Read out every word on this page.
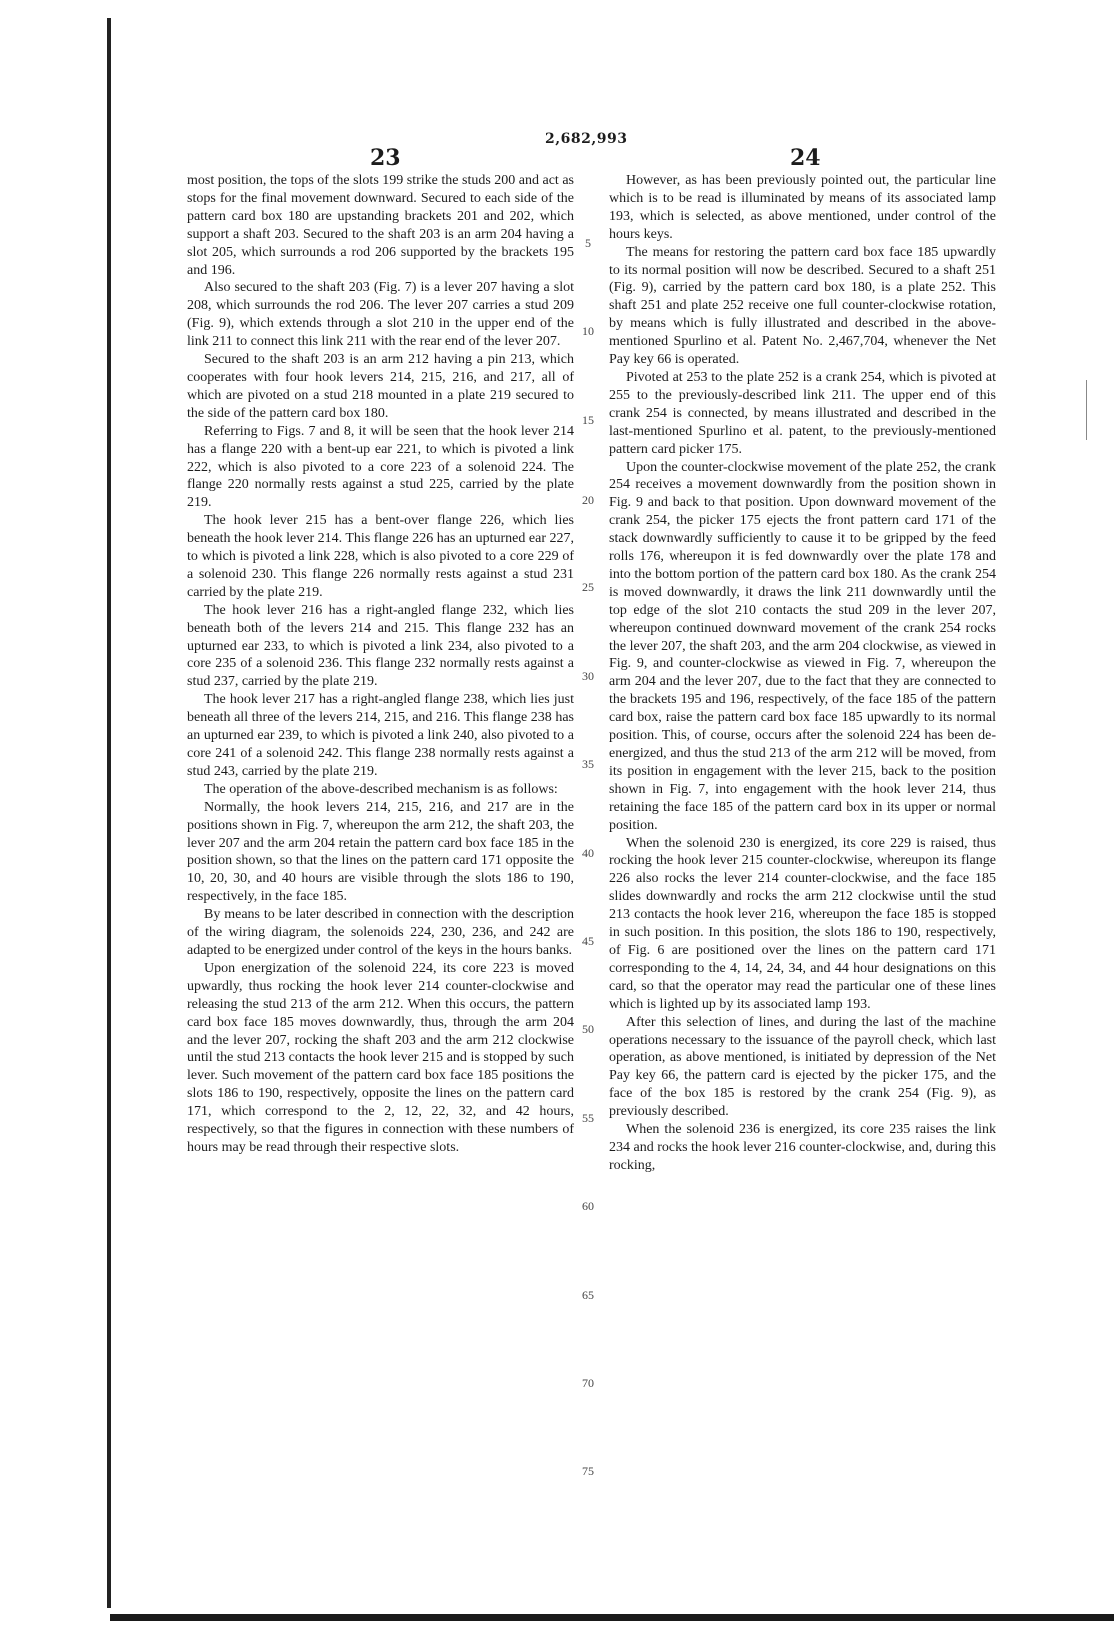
2,682,993
23	24

most position, the tops of the slots 199 strike the studs 200 and act as stops for the final movement downward. Secured to each side of the pattern card box 180 are upstanding brackets 201 and 202, which support a shaft 203. Secured to the shaft 203 is an arm 204 having a slot 205, which surrounds a rod 206 supported by the brackets 195 and 196.

Also secured to the shaft 203 (Fig. 7) is a lever 207 having a slot 208, which surrounds the rod 206. The lever 207 carries a stud 209 (Fig. 9), which extends through a slot 210 in the upper end of the link 211 to connect this link 211 with the rear end of the lever 207.

Secured to the shaft 203 is an arm 212 having a pin 213, which cooperates with four hook levers 214, 215, 216, and 217, all of which are pivoted on a stud 218 mounted in a plate 219 secured to the side of the pattern card box 180.

Referring to Figs. 7 and 8, it will be seen that the hook lever 214 has a flange 220 with a bent-up ear 221, to which is pivoted a link 222, which is also pivoted to a core 223 of a solenoid 224. The flange 220 normally rests against a stud 225, carried by the plate 219.

The hook lever 215 has a bent-over flange 226, which lies beneath the hook lever 214. This flange 226 has an upturned ear 227, to which is pivoted a link 228, which is also pivoted to a core 229 of a solenoid 230. This flange 226 normally rests against a stud 231 carried by the plate 219.

The hook lever 216 has a right-angled flange 232, which lies beneath both of the levers 214 and 215. This flange 232 has an upturned ear 233, to which is pivoted a link 234, also pivoted to a core 235 of a solenoid 236. This flange 232 normally rests against a stud 237, carried by the plate 219.

The hook lever 217 has a right-angled flange 238, which lies just beneath all three of the levers 214, 215, and 216. This flange 238 has an upturned ear 239, to which is pivoted a link 240, also pivoted to a core 241 of a solenoid 242. This flange 238 normally rests against a stud 243, carried by the plate 219.

The operation of the above-described mechanism is as follows:

Normally, the hook levers 214, 215, 216, and 217 are in the positions shown in Fig. 7, whereupon the arm 212, the shaft 203, the lever 207 and the arm 204 retain the pattern card box face 185 in the position shown, so that the lines on the pattern card 171 opposite the 10, 20, 30, and 40 hours are visible through the slots 186 to 190, respectively, in the face 185.

By means to be later described in connection with the description of the wiring diagram, the solenoids 224, 230, 236, and 242 are adapted to be energized under control of the keys in the hours banks.

Upon energization of the solenoid 224, its core 223 is moved upwardly, thus rocking the hook lever 214 counter-clockwise and releasing the stud 213 of the arm 212. When this occurs, the pattern card box face 185 moves downwardly, thus, through the arm 204 and the lever 207, rocking the shaft 203 and the arm 212 clockwise until the stud 213 contacts the hook lever 215 and is stopped by such lever. Such movement of the pattern card box face 185 positions the slots 186 to 190, respectively, opposite the lines on the pattern card 171, which correspond to the 2, 12, 22, 32, and 42 hours, respectively, so that the figures in connection with these numbers of hours may be read through their respective slots.

However, as has been previously pointed out, the particular line which is to be read is illuminated by means of its associated lamp 193, which is selected, as above mentioned, under control of the hours keys.

The means for restoring the pattern card box face 185 upwardly to its normal position will now be described. Secured to a shaft 251 (Fig. 9), carried by the pattern card box 180, is a plate 252. This shaft 251 and plate 252 receive one full counter-clockwise rotation, by means which is fully illustrated and described in the above-mentioned Spurlino et al. Patent No. 2,467,704, whenever the Net Pay key 66 is operated.

Pivoted at 253 to the plate 252 is a crank 254, which is pivoted at 255 to the previously-described link 211. The upper end of this crank 254 is connected, by means illustrated and described in the last-mentioned Spurlino et al. patent, to the previously-mentioned pattern card picker 175.

Upon the counter-clockwise movement of the plate 252, the crank 254 receives a movement downwardly from the position shown in Fig. 9 and back to that position. Upon downward movement of the crank 254, the picker 175 ejects the front pattern card 171 of the stack downwardly sufficiently to cause it to be gripped by the feed rolls 176, whereupon it is fed downwardly over the plate 178 and into the bottom portion of the pattern card box 180. As the crank 254 is moved downwardly, it draws the link 211 downwardly until the top edge of the slot 210 contacts the stud 209 in the lever 207, whereupon continued downward movement of the crank 254 rocks the lever 207, the shaft 203, and the arm 204 clockwise, as viewed in Fig. 9, and counter-clockwise as viewed in Fig. 7, whereupon the arm 204 and the lever 207, due to the fact that they are connected to the brackets 195 and 196, respectively, of the face 185 of the pattern card box, raise the pattern card box face 185 upwardly to its normal position. This, of course, occurs after the solenoid 224 has been de-energized, and thus the stud 213 of the arm 212 will be moved, from its position in engagement with the lever 215, back to the position shown in Fig. 7, into engagement with the hook lever 214, thus retaining the face 185 of the pattern card box in its upper or normal position.

When the solenoid 230 is energized, its core 229 is raised, thus rocking the hook lever 215 counter-clockwise, whereupon its flange 226 also rocks the lever 214 counter-clockwise, and the face 185 slides downwardly and rocks the arm 212 clockwise until the stud 213 contacts the hook lever 216, whereupon the face 185 is stopped in such position. In this position, the slots 186 to 190, respectively, of Fig. 6 are positioned over the lines on the pattern card 171 corresponding to the 4, 14, 24, 34, and 44 hour designations on this card, so that the operator may read the particular one of these lines which is lighted up by its associated lamp 193.

After this selection of lines, and during the last of the machine operations necessary to the issuance of the payroll check, which last operation, as above mentioned, is initiated by depression of the Net Pay key 66, the pattern card is ejected by the picker 175, and the face of the box 185 is restored by the crank 254 (Fig. 9), as previously described.

When the solenoid 236 is energized, its core 235 raises the link 234 and rocks the hook lever 216 counter-clockwise, and, during this rocking,

5
10
15
20
25
30
35
40
45
50
55
60
65
70
75
